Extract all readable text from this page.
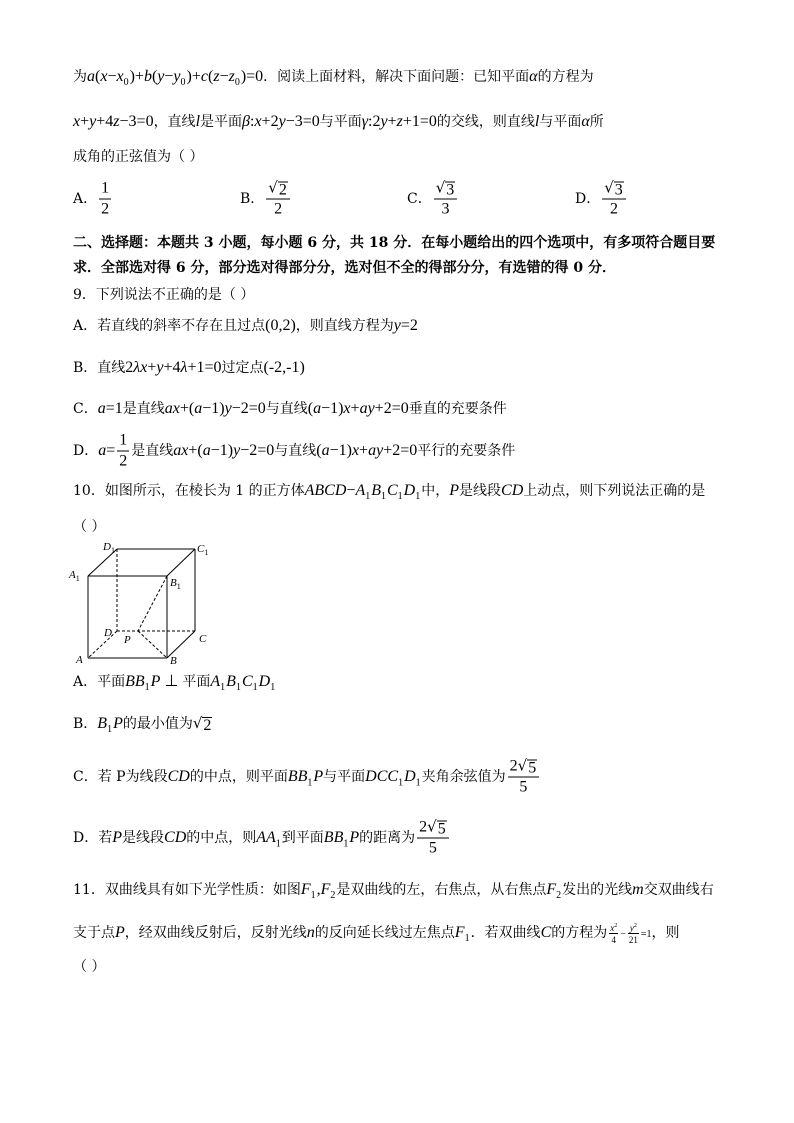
为$a(x-x_0)+b(y-y_0)+c(z-z_0)=0$．阅读上面材料，解决下面问题：已知平面α的方程为
x+y+4z−3=0，直线l是平面β:x+2y−3=0与平面γ:2y+z+1=0的交线，则直线l与平面α所
成角的正弦值为（ ）
A． $\frac{1}{2}$	B．
√ $\frac{2}{2}$	C．
√ $\frac{3}{3}$	D．
√ $\frac{3}{2}$
二、选择题：本题共 3 小题，每小题 6 分，共 18 分．在每小题给出的四个选项中，有多项符合题目要
求．全部选对得 6 分，部分选对得部分分，选对但不全的得部分分，有选错的得 0 分．
9．下列说法不正确的是（ ）
A．若直线的斜率不存在且过点(0,2)，则直线方程为y=2
B．直线2λx+y+4λ+1=0过定点(-2,-1)
C．a=1是直线ax+(a−1)y−2=0与直线(a−1)x+ay+2=0垂直的充要条件
D．$a= \frac{1}{2}$ 是直线ax+(a−1)y−2=0与直线(a−1)x+ay+2=0平行的充要条件
10．如图所示，在棱长为 1 的正方体$ABCD-A_1B_1C_1D_1$中，P是线段CD上动点，则下列说法正确的是
（ ）
$D_1$	$C_1$
$A_1$	$B_1$
D
P	C
A	B
A．平面$BB_1P$ ⊥ 平面$A_1B_1C_1D_1$
B．$B_1P$的最小值为
√ 2
C．若 P为线段CD的中点，则平面$BB_1P$与平面$DCC_1D_1$夹角余弦值为 2
√ 5
5
D．若P是线段CD的中点，则$AA_1$到平面$BB_1P$的距离为 2
√ 5
5
11．双曲线具有如下光学性质：如图$F_1,F_2$是双曲线的左，右焦点，从右焦点$F_2$发出的光线m交双曲线右
支于点P，经双曲线反射后，反射光线n的反向延长线过左焦点$F_1$．若双曲线C的方程为 $\frac{x^2}{4} - \frac{y^2}{21} =1$，则
（ ）
